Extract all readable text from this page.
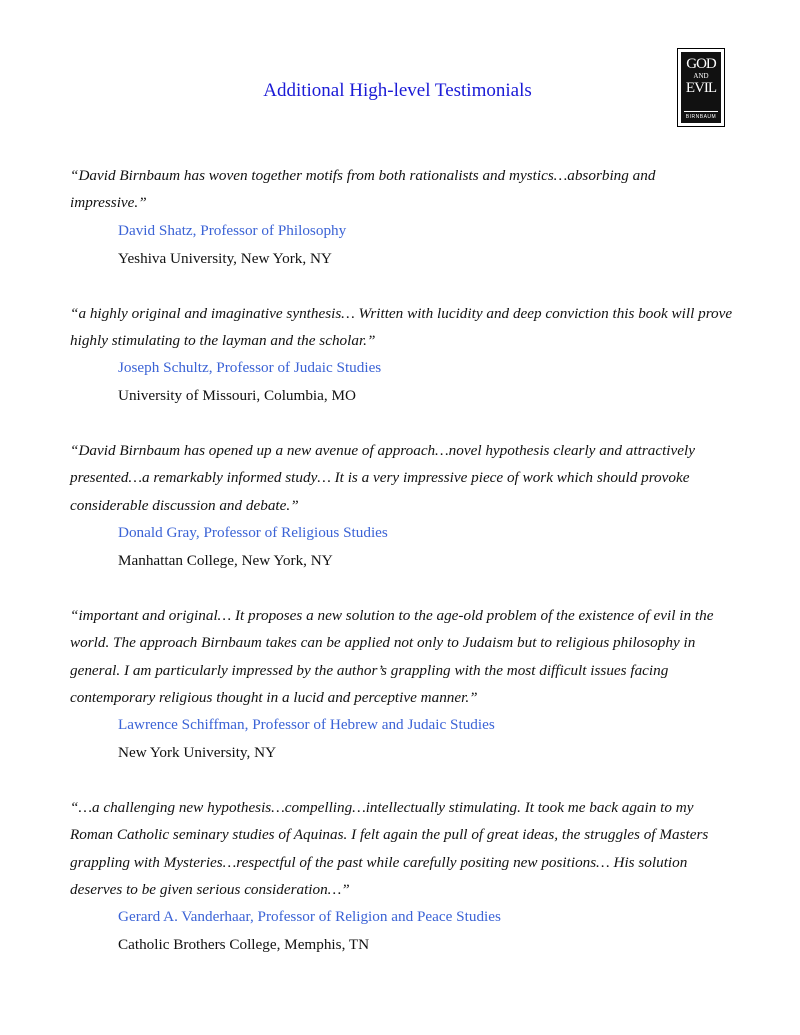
Additional High-level Testimonials
GOD
AND
EVIL
BIRNBAUM
“David Birnbaum has woven together motifs from both rationalists and mystics…absorbing and impressive.”
David Shatz, Professor of Philosophy
Yeshiva University, New York, NY
“a highly original and imaginative synthesis… Written with lucidity and deep conviction this book will prove highly stimulating to the layman and the scholar.”
Joseph Schultz, Professor of Judaic Studies
University of Missouri, Columbia, MO
“David Birnbaum has opened up a new avenue of approach…novel hypothesis clearly and attractively presented…a remarkably informed study… It is a very impressive piece of work which should provoke considerable discussion and debate.”
Donald Gray, Professor of Religious Studies
Manhattan College, New York, NY
“important and original… It proposes a new solution to the age-old problem of the existence of evil in the world. The approach Birnbaum takes can be applied not only to Judaism but to religious philosophy in general. I am particularly impressed by the author’s grappling with the most difficult issues facing contemporary religious thought in a lucid and perceptive manner.”
Lawrence Schiffman, Professor of Hebrew and Judaic Studies
New York University, NY
“…a challenging new hypothesis…compelling…intellectually stimulating. It took me back again to my Roman Catholic seminary studies of Aquinas. I felt again the pull of great ideas, the struggles of Masters grappling with Mysteries…respectful of the past while carefully positing new positions… His solution deserves to be given serious consideration…”
Gerard A. Vanderhaar, Professor of Religion and Peace Studies
Catholic Brothers College, Memphis, TN
